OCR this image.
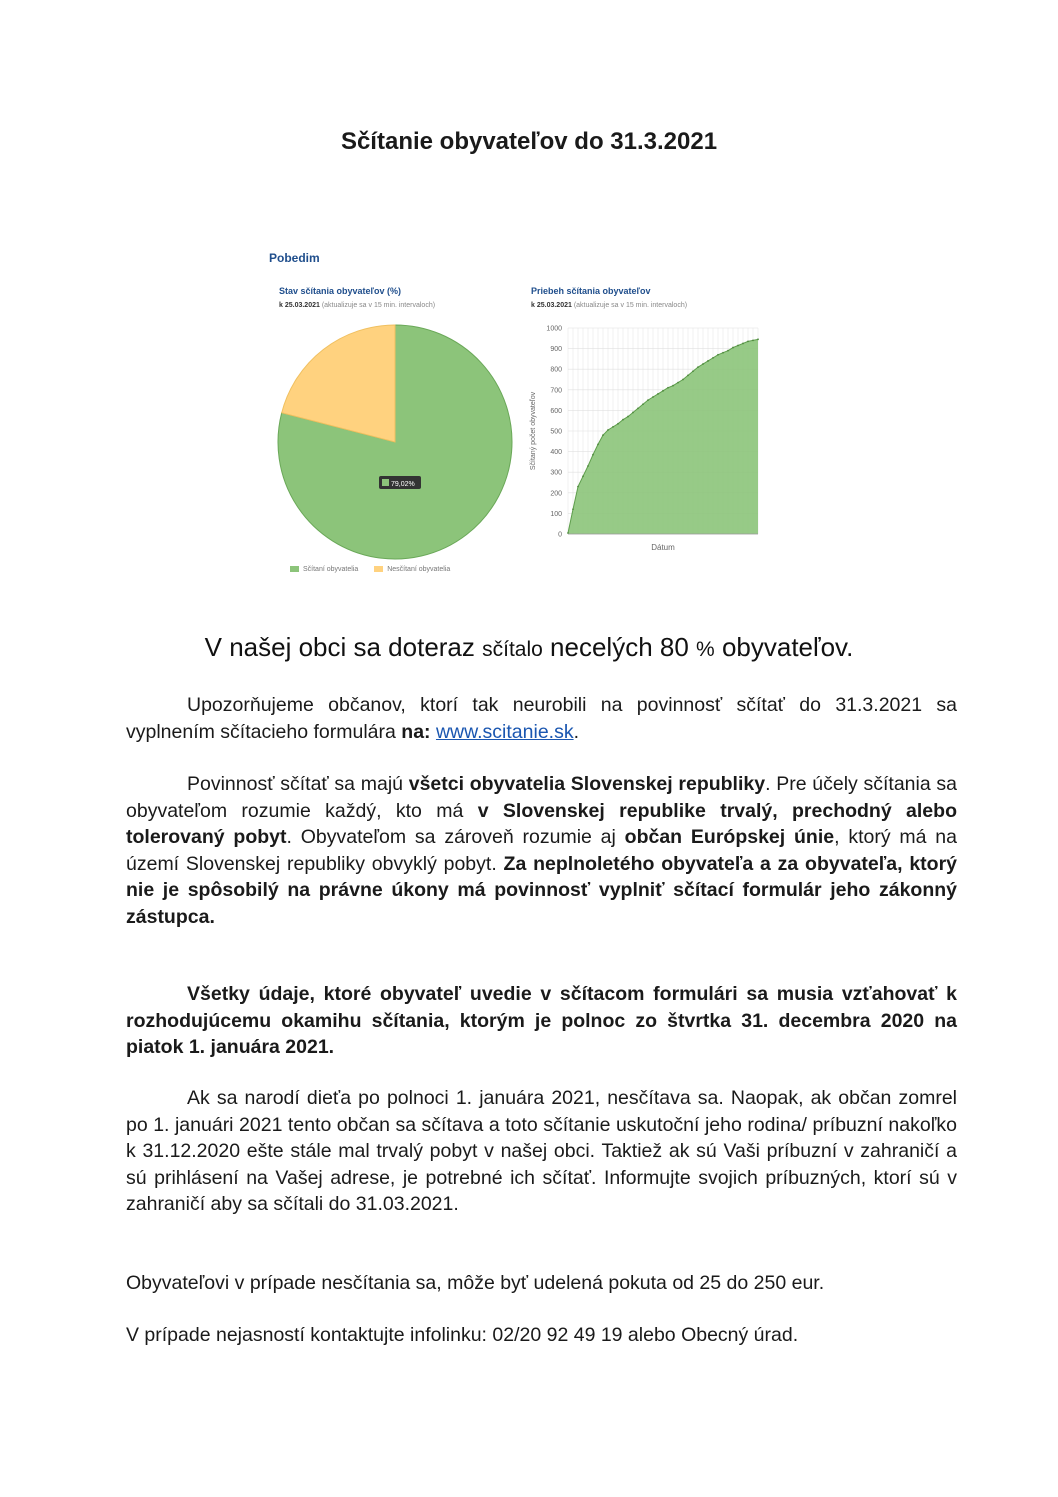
Sčítanie obyvateľov do 31.3.2021
Pobedim
Stav sčítania obyvateľov (%)
k 25.03.2021 (aktualizuje sa v 15 min. intervaloch)
Priebeh sčítania obyvateľov
k 25.03.2021 (aktualizuje sa v 15 min. intervaloch)
79,02%
0
100
200
300
400
500
600
700
800
900
1000
Dátum
Sčítaný počet obyvateľov
Sčítaní obyvatelia	Nesčítaní obyvatelia
V našej obci sa doteraz sčítalo necelých 80 % obyvateľov.

Upozorňujeme občanov, ktorí tak neurobili na povinnosť sčítať do 31.3.2021 sa vyplnením sčítacieho formulára na: www.scitanie.sk.

Povinnosť sčítať sa majú všetci obyvatelia Slovenskej republiky. Pre účely sčítania sa obyvateľom rozumie každý, kto má v Slovenskej republike trvalý, prechodný alebo tolerovaný pobyt. Obyvateľom sa zároveň rozumie aj občan Európskej únie, ktorý má na území Slovenskej republiky obvyklý pobyt. Za neplnoletého obyvateľa a za obyvateľa, ktorý nie je spôsobilý na právne úkony má povinnosť vyplniť sčítací formulár jeho zákonný zástupca.

Všetky údaje, ktoré obyvateľ uvedie v sčítacom formulári sa musia vzťahovať k rozhodujúcemu okamihu sčítania, ktorým je polnoc zo štvrtka 31. decembra 2020 na piatok 1. januára 2021.

Ak sa narodí dieťa po polnoci 1. januára 2021, nesčítava sa. Naopak, ak občan zomrel po 1. januári 2021 tento občan sa sčítava a toto sčítanie uskutoční jeho rodina/ príbuzní nakoľko k 31.12.2020 ešte stále mal trvalý pobyt v našej obci. Taktiež ak sú Vaši príbuzní v zahraničí a sú prihlásení na Vašej adrese, je potrebné ich sčítať. Informujte svojich príbuzných, ktorí sú v zahraničí aby sa sčítali do 31.03.2021.

Obyvateľovi v prípade nesčítania sa, môže byť udelená pokuta od 25 do 250 eur.

V prípade nejasností kontaktujte infolinku: 02/20 92 49 19 alebo Obecný úrad.
